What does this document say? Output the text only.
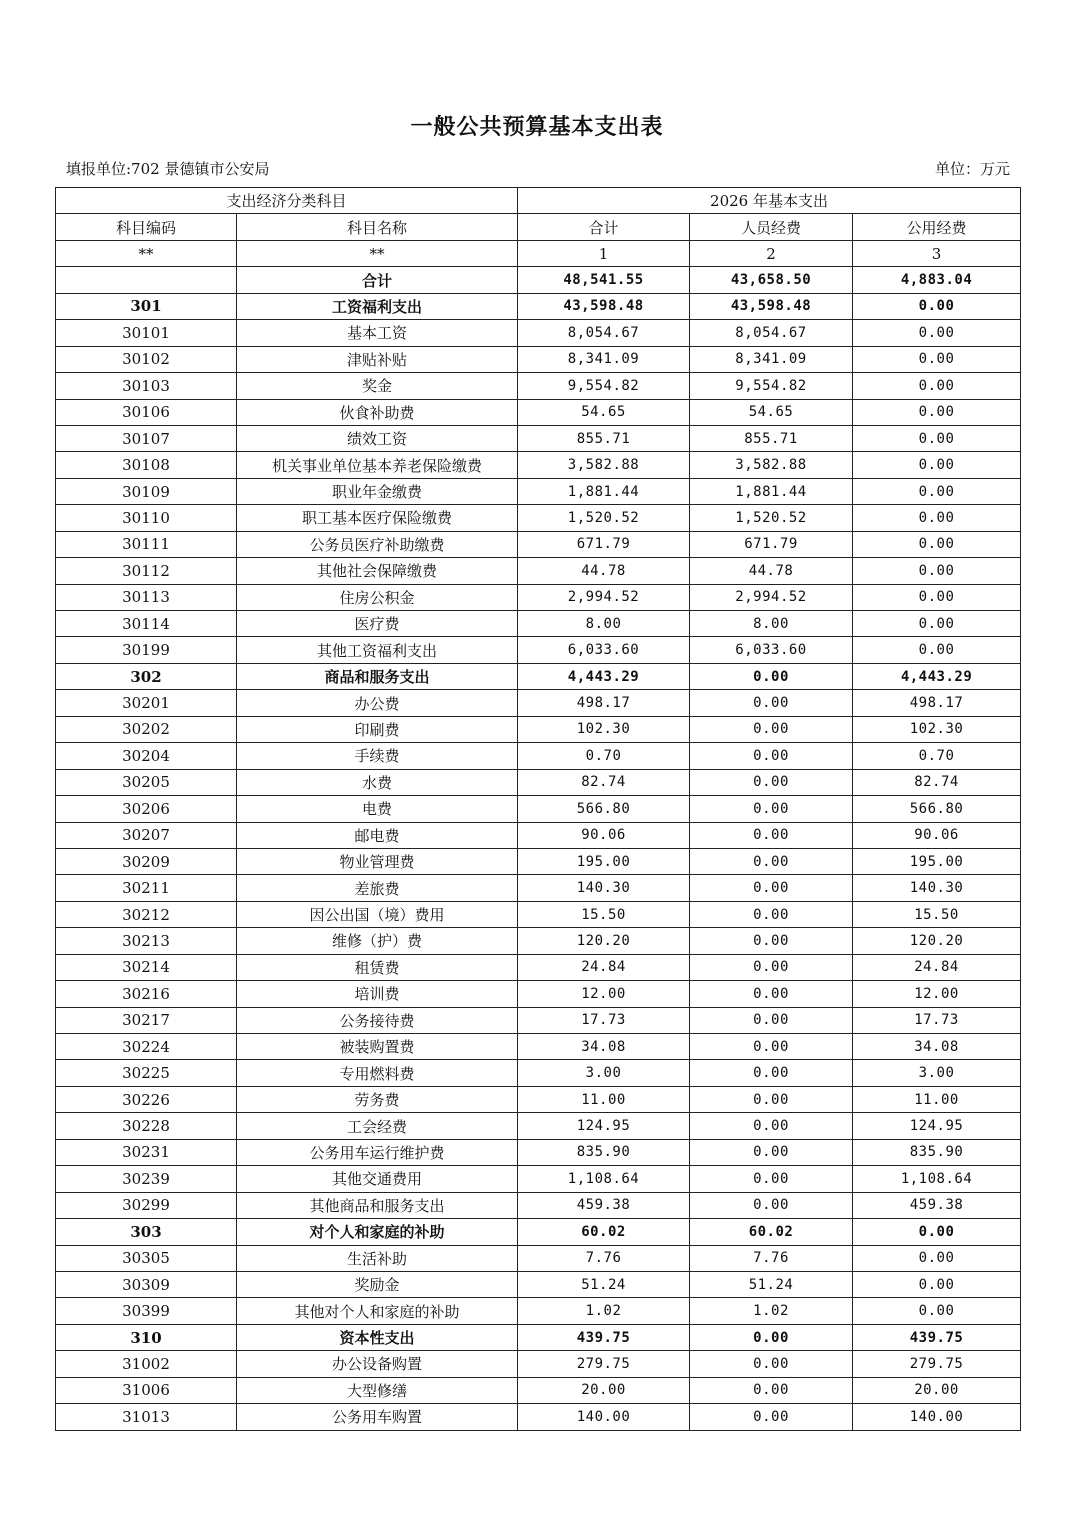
一般公共预算基本支出表
填报单位:702 景德镇市公安局	单位：万元
支出经济分类科目		2026 年基本支出		
科目编码	科目名称	合计	人员经费	公用经费
**	**	1	2	3
	合计	48,541.55	43,658.50	4,883.04
301	工资福利支出	43,598.48	43,598.48	0.00
30101	基本工资	8,054.67	8,054.67	0.00
30102	津贴补贴	8,341.09	8,341.09	0.00
30103	奖金	9,554.82	9,554.82	0.00
30106	伙食补助费	54.65	54.65	0.00
30107	绩效工资	855.71	855.71	0.00
30108	机关事业单位基本养老保险缴费	3,582.88	3,582.88	0.00
30109	职业年金缴费	1,881.44	1,881.44	0.00
30110	职工基本医疗保险缴费	1,520.52	1,520.52	0.00
30111	公务员医疗补助缴费	671.79	671.79	0.00
30112	其他社会保障缴费	44.78	44.78	0.00
30113	住房公积金	2,994.52	2,994.52	0.00
30114	医疗费	8.00	8.00	0.00
30199	其他工资福利支出	6,033.60	6,033.60	0.00
302	商品和服务支出	4,443.29	0.00	4,443.29
30201	办公费	498.17	0.00	498.17
30202	印刷费	102.30	0.00	102.30
30204	手续费	0.70	0.00	0.70
30205	水费	82.74	0.00	82.74
30206	电费	566.80	0.00	566.80
30207	邮电费	90.06	0.00	90.06
30209	物业管理费	195.00	0.00	195.00
30211	差旅费	140.30	0.00	140.30
30212	因公出国（境）费用	15.50	0.00	15.50
30213	维修（护）费	120.20	0.00	120.20
30214	租赁费	24.84	0.00	24.84
30216	培训费	12.00	0.00	12.00
30217	公务接待费	17.73	0.00	17.73
30224	被装购置费	34.08	0.00	34.08
30225	专用燃料费	3.00	0.00	3.00
30226	劳务费	11.00	0.00	11.00
30228	工会经费	124.95	0.00	124.95
30231	公务用车运行维护费	835.90	0.00	835.90
30239	其他交通费用	1,108.64	0.00	1,108.64
30299	其他商品和服务支出	459.38	0.00	459.38
303	对个人和家庭的补助	60.02	60.02	0.00
30305	生活补助	7.76	7.76	0.00
30309	奖励金	51.24	51.24	0.00
30399	其他对个人和家庭的补助	1.02	1.02	0.00
310	资本性支出	439.75	0.00	439.75
31002	办公设备购置	279.75	0.00	279.75
31006	大型修缮	20.00	0.00	20.00
31013	公务用车购置	140.00	0.00	140.00
